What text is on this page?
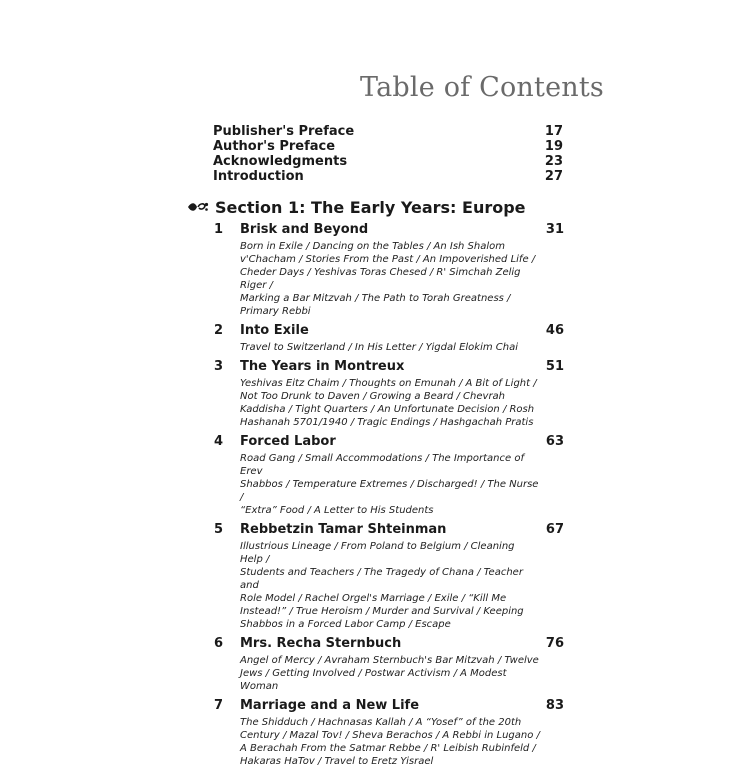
Table of Contents
Publisher's Preface	17
Author's Preface	19
Acknowledgments	23
Introduction	27
Section 1: The Early Years: Europe
1	Brisk and Beyond	31
Born in Exile / Dancing on the Tables / An Ish Shalom
v'Chacham / Stories From the Past / An Impoverished Life /
Cheder Days / Yeshivas Toras Chesed / R' Simchah Zelig Riger /
Marking a Bar Mitzvah / The Path to Torah Greatness /
Primary Rebbi
2	Into Exile	46
Travel to Switzerland / In His Letter / Yigdal Elokim Chai
3	The Years in Montreux	51
Yeshivas Eitz Chaim / Thoughts on Emunah / A Bit of Light /
Not Too Drunk to Daven / Growing a Beard / Chevrah
Kaddisha / Tight Quarters / An Unfortunate Decision / Rosh
Hashanah 5701/1940 / Tragic Endings / Hashgachah Pratis
4	Forced Labor	63
Road Gang / Small Accommodations / The Importance of Erev
Shabbos / Temperature Extremes / Discharged! / The Nurse /
“Extra” Food / A Letter to His Students
5	Rebbetzin Tamar Shteinman	67
Illustrious Lineage / From Poland to Belgium / Cleaning Help /
Students and Teachers / The Tragedy of Chana / Teacher and
Role Model / Rachel Orgel's Marriage / Exile / “Kill Me
Instead!” / True Heroism / Murder and Survival / Keeping
Shabbos in a Forced Labor Camp / Escape
6	Mrs. Recha Sternbuch	76
Angel of Mercy / Avraham Sternbuch's Bar Mitzvah / Twelve
Jews / Getting Involved / Postwar Activism / A Modest Woman
7	Marriage and a New Life	83
The Shidduch / Hachnasas Kallah / A “Yosef” of the 20th
Century / Mazal Tov! / Sheva Berachos / A Rebbi in Lugano /
A Berachah From the Satmar Rebbe / R' Leibish Rubinfeld /
Hakaras HaTov / Travel to Eretz Yisrael
